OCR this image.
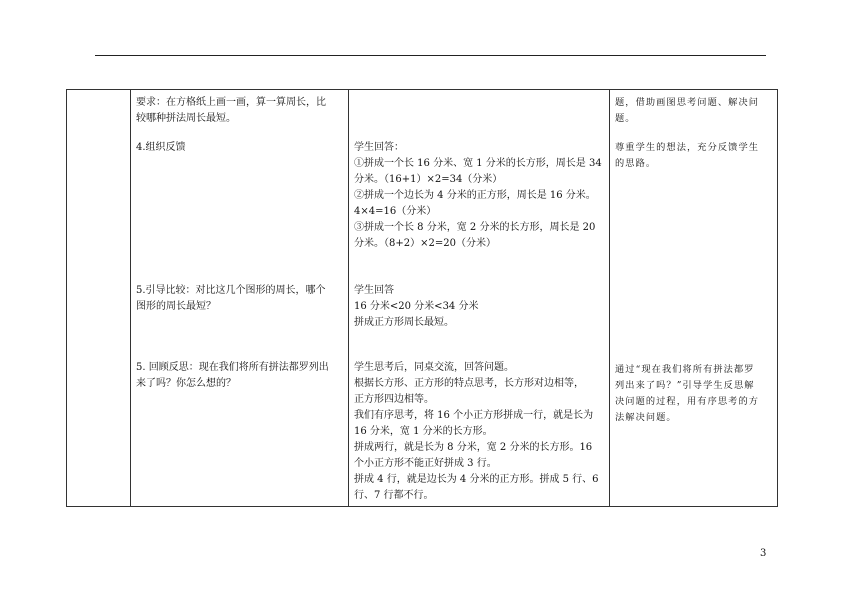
要求：在方格纸上画一画，算一算周长，比

较哪种拼法周长最短。

4.组织反馈

5.引导比较：对比这几个图形的周长，哪个

图形的周长最短？

5. 回顾反思：现在我们将所有拼法都罗列出

来了吗？你怎么想的？

学生回答：

①拼成一个长 16 分米、宽 1 分米的长方形，周长是 34

分米。（16+1）×2=34（分米）

②拼成一个边长为 4 分米的正方形，周长是 16 分米。

4×4=16（分米）

③拼成一个长 8 分米，宽 2 分米的长方形，周长是 20

分米。（8+2）×2=20（分米）

学生回答

16 分米<20 分米<34 分米

拼成正方形周长最短。

学生思考后，同桌交流，回答问题。

根据长方形、正方形的特点思考，长方形对边相等，

正方形四边相等。

我们有序思考，将 16 个小正方形拼成一行，就是长为

16 分米，宽 1 分米的长方形。

拼成两行，就是长为 8 分米，宽 2 分米的长方形。16

个小正方形不能正好拼成 3 行。

拼成 4 行，就是边长为 4 分米的正方形。拼成 5 行、6

行、7 行都不行。

题，借助画图思考问题、解决问

题。

尊重学生的想法，充分反馈学生

的思路。

通过“现在我们将所有拼法都罗

列出来了吗？”引导学生反思解

决问题的过程，用有序思考的方

法解决问题。

3
